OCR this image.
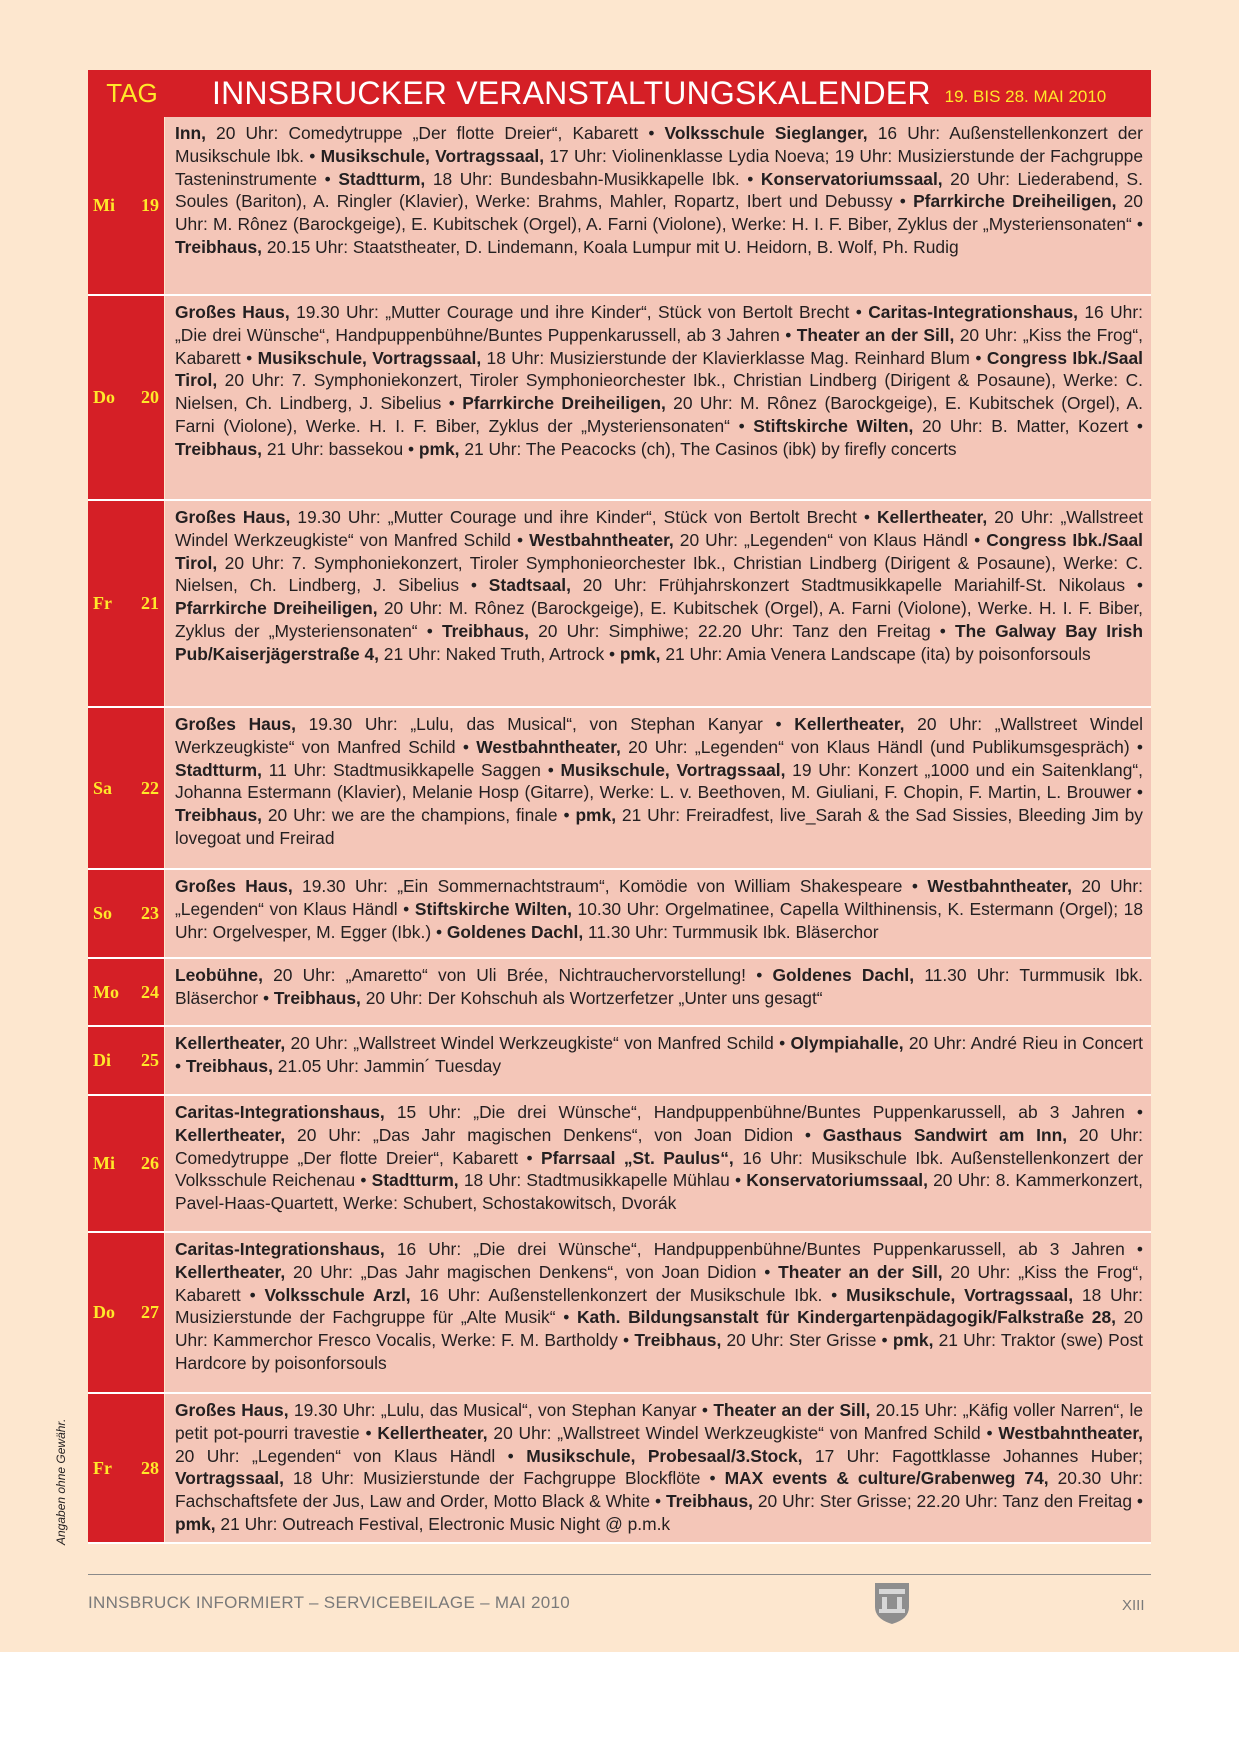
TAG	INNSBRUCKER VERANSTALTUNGSKALENDER 19. BIS 28. MAI 2010
Mi 19
Inn, 20 Uhr: Comedytruppe „Der flotte Dreier“, Kabarett • Volksschule Sieglanger, 16 Uhr: Außenstellenkonzert der Musikschule Ibk. • Musikschule, Vortragssaal, 17 Uhr: Violinenklasse Lydia Noeva; 19 Uhr: Musizierstunde der Fachgruppe Tasteninstrumente • Stadtturm, 18 Uhr: Bundesbahn-Musikkapelle Ibk. • Konservatoriumssaal, 20 Uhr: Liederabend, S. Soules (Bariton), A. Ringler (Klavier), Werke: Brahms, Mahler, Ropartz, Ibert und Debussy • Pfarrkirche Dreiheiligen, 20 Uhr: M. Rônez (Barockgeige), E. Kubitschek (Orgel), A. Farni (Violone), Werke: H. I. F. Biber, Zyklus der „Mysteriensonaten“ • Treibhaus, 20.15 Uhr: Staatstheater, D. Lindemann, Koala Lumpur mit U. Heidorn, B. Wolf, Ph. Rudig
Do 20
Großes Haus, 19.30 Uhr: „Mutter Courage und ihre Kinder“, Stück von Bertolt Brecht • Caritas-Integrationshaus, 16 Uhr: „Die drei Wünsche“, Handpuppenbühne/Buntes Puppenkarussell, ab 3 Jahren • Theater an der Sill, 20 Uhr: „Kiss the Frog“, Kabarett • Musikschule, Vortragssaal, 18 Uhr: Musizierstunde der Klavierklasse Mag. Reinhard Blum • Congress Ibk./Saal Tirol, 20 Uhr: 7. Symphoniekonzert, Tiroler Symphonieorchester Ibk., Christian Lindberg (Dirigent & Posaune), Werke: C. Nielsen, Ch. Lindberg, J. Sibelius • Pfarrkirche Dreiheiligen, 20 Uhr: M. Rônez (Barockgeige), E. Kubitschek (Orgel), A. Farni (Violone), Werke. H. I. F. Biber, Zyklus der „Mysteriensonaten“ • Stiftskirche Wilten, 20 Uhr: B. Matter, Kozert • Treibhaus, 21 Uhr: bassekou • pmk, 21 Uhr: The Peacocks (ch), The Casinos (ibk) by firefly concerts
Fr 21
Großes Haus, 19.30 Uhr: „Mutter Courage und ihre Kinder“, Stück von Bertolt Brecht • Kellertheater, 20 Uhr: „Wallstreet Windel Werkzeugkiste“ von Manfred Schild • Westbahntheater, 20 Uhr: „Legenden“ von Klaus Händl • Congress Ibk./Saal Tirol, 20 Uhr: 7. Symphoniekonzert, Tiroler Symphonieorchester Ibk., Christian Lindberg (Dirigent & Posaune), Werke: C. Nielsen, Ch. Lindberg, J. Sibelius • Stadtsaal, 20 Uhr: Frühjahrskonzert Stadtmusikkapelle Mariahilf-St. Nikolaus • Pfarrkirche Dreiheiligen, 20 Uhr: M. Rônez (Barockgeige), E. Kubitschek (Orgel), A. Farni (Violone), Werke. H. I. F. Biber, Zyklus der „Mysteriensonaten“ • Treibhaus, 20 Uhr: Simphiwe; 22.20 Uhr: Tanz den Freitag • The Galway Bay Irish Pub/Kaiserjägerstraße 4, 21 Uhr: Naked Truth, Artrock • pmk, 21 Uhr: Amia Venera Landscape (ita) by poisonforsouls
Sa 22
Großes Haus, 19.30 Uhr: „Lulu, das Musical“, von Stephan Kanyar • Kellertheater, 20 Uhr: „Wallstreet Windel Werkzeugkiste“ von Manfred Schild • Westbahntheater, 20 Uhr: „Legenden“ von Klaus Händl (und Publikumsgespräch) • Stadtturm, 11 Uhr: Stadtmusikkapelle Saggen • Musikschule, Vortragssaal, 19 Uhr: Konzert „1000 und ein Saitenklang“, Johanna Estermann (Klavier), Melanie Hosp (Gitarre), Werke: L. v. Beethoven, M. Giuliani, F. Chopin, F. Martin, L. Brouwer • Treibhaus, 20 Uhr: we are the champions, finale • pmk, 21 Uhr: Freiradfest, live_Sarah & the Sad Sissies, Bleeding Jim by lovegoat und Freirad
So 23
Großes Haus, 19.30 Uhr: „Ein Sommernachtstraum“, Komödie von William Shakespeare • Westbahntheater, 20 Uhr: „Legenden“ von Klaus Händl • Stiftskirche Wilten, 10.30 Uhr: Orgelmatinee, Capella Wilthinensis, K. Estermann (Orgel); 18 Uhr: Orgelvesper, M. Egger (Ibk.) • Goldenes Dachl, 11.30 Uhr: Turmmusik Ibk. Bläserchor
Mo 24
Leobühne, 20 Uhr: „Amaretto“ von Uli Brée, Nichtrauchervorstellung! • Goldenes Dachl, 11.30 Uhr: Turmmusik Ibk. Bläserchor • Treibhaus, 20 Uhr: Der Kohschuh als Wortzerfetzer „Unter uns gesagt“
Di 25
Kellertheater, 20 Uhr: „Wallstreet Windel Werkzeugkiste“ von Manfred Schild • Olympiahalle, 20 Uhr: André Rieu in Concert • Treibhaus, 21.05 Uhr: Jammin´ Tuesday
Mi 26
Caritas-Integrationshaus, 15 Uhr: „Die drei Wünsche“, Handpuppenbühne/Buntes Puppenkarussell, ab 3 Jahren • Kellertheater, 20 Uhr: „Das Jahr magischen Denkens“, von Joan Didion • Gasthaus Sandwirt am Inn, 20 Uhr: Comedytruppe „Der flotte Dreier“, Kabarett • Pfarrsaal „St. Paulus“, 16 Uhr: Musikschule Ibk. Außenstellenkonzert der Volksschule Reichenau • Stadtturm, 18 Uhr: Stadtmusikkapelle Mühlau • Konservatoriumssaal, 20 Uhr: 8. Kammerkonzert, Pavel-Haas-Quartett, Werke: Schubert, Schostakowitsch, Dvorák
Do 27
Caritas-Integrationshaus, 16 Uhr: „Die drei Wünsche“, Handpuppenbühne/Buntes Puppenkarussell, ab 3 Jahren • Kellertheater, 20 Uhr: „Das Jahr magischen Denkens“, von Joan Didion • Theater an der Sill, 20 Uhr: „Kiss the Frog“, Kabarett • Volksschule Arzl, 16 Uhr: Außenstellenkonzert der Musikschule Ibk. • Musikschule, Vortragssaal, 18 Uhr: Musizierstunde der Fachgruppe für „Alte Musik“ • Kath. Bildungsanstalt für Kindergartenpädagogik/Falkstraße 28, 20 Uhr: Kammerchor Fresco Vocalis, Werke: F. M. Bartholdy • Treibhaus, 20 Uhr: Ster Grisse • pmk, 21 Uhr: Traktor (swe) Post Hardcore by poisonforsouls
Fr 28
Großes Haus, 19.30 Uhr: „Lulu, das Musical“, von Stephan Kanyar • Theater an der Sill, 20.15 Uhr: „Käfig voller Narren“, le petit pot-pourri travestie • Kellertheater, 20 Uhr: „Wallstreet Windel Werkzeugkiste“ von Manfred Schild • Westbahntheater, 20 Uhr: „Legenden“ von Klaus Händl • Musikschule, Probesaal/3.Stock, 17 Uhr: Fagottklasse Johannes Huber; Vortragssaal, 18 Uhr: Musizierstunde der Fachgruppe Blockflöte • MAX events & culture/Grabenweg 74, 20.30 Uhr: Fachschaftsfete der Jus, Law and Order, Motto Black & White • Treibhaus, 20 Uhr: Ster Grisse; 22.20 Uhr: Tanz den Freitag • pmk, 21 Uhr: Outreach Festival, Electronic Music Night @ p.m.k
Angaben ohne Gewähr.
INNSBRUCK INFORMIERT – SERVICEBEILAGE – MAI 2010	XIII
